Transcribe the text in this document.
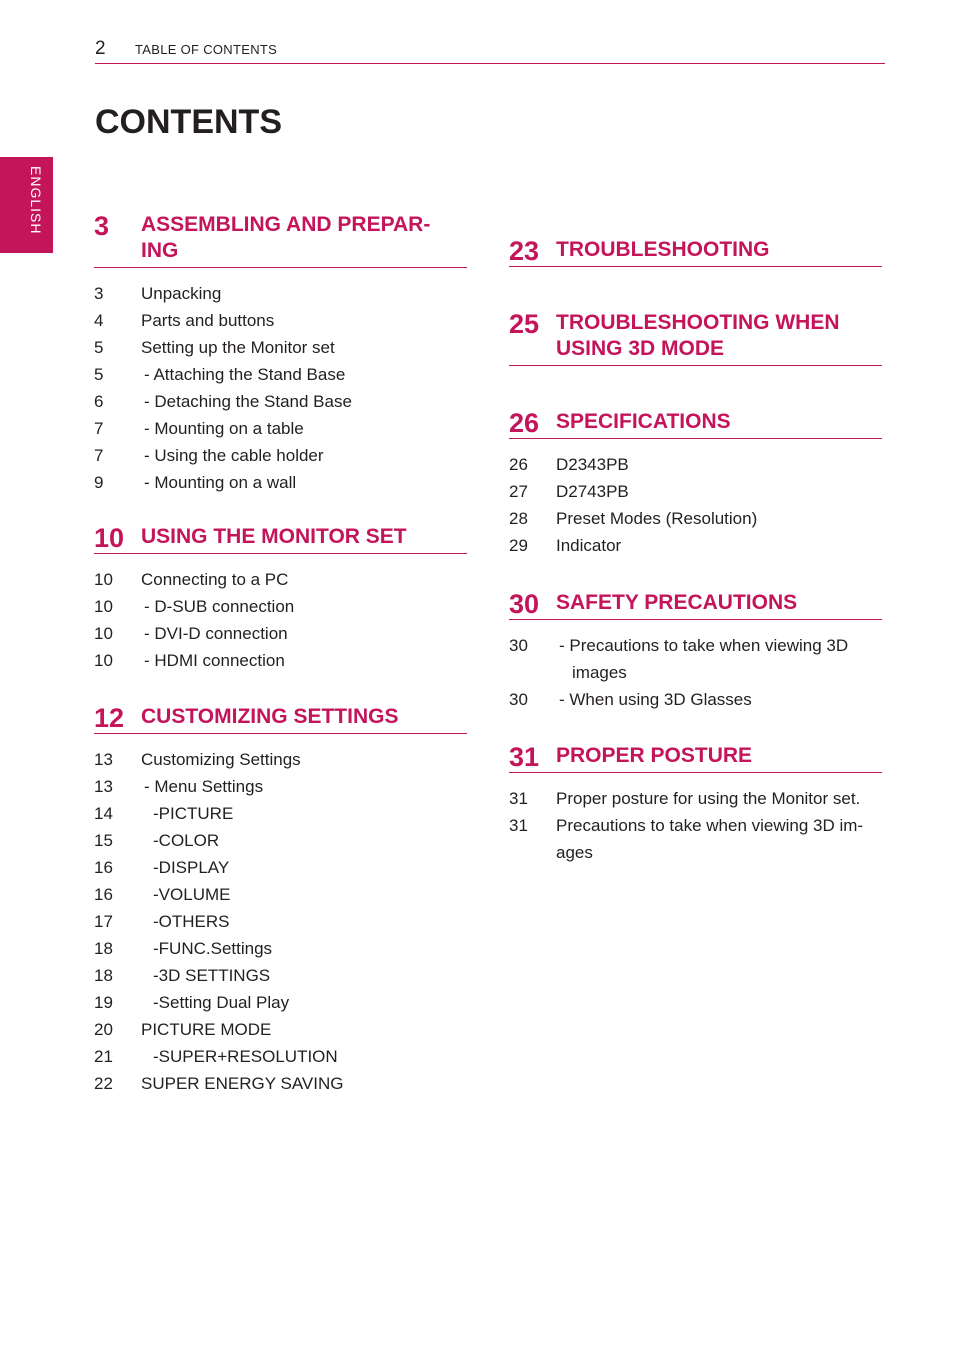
2 TABLE OF CONTENTS
ENGLISH
CONTENTS
3 ASSEMBLING AND PREPAR-
ING
3	Unpacking
4	Parts and buttons
5	Setting up the Monitor set
5	- Attaching the Stand Base
6	- Detaching the Stand Base
7	- Mounting on a table
7	- Using the cable holder
9	- Mounting on a wall
10 USING THE MONITOR SET
10	Connecting to a PC
10	- D-SUB connection
10	- DVI-D connection
10	- HDMI connection
12 CUSTOMIZING SETTINGS
13	Customizing Settings
13	- Menu Settings
14	- PICTURE
15	- COLOR
16	- DISPLAY
16	- VOLUME
17	- OTHERS
18	- FUNC.Settings
18	- 3D SETTINGS
19	- Setting Dual Play
20	PICTURE MODE
21	- SUPER+RESOLUTION
22	SUPER ENERGY SAVING
23 TROUBLESHOOTING
25 TROUBLESHOOTING WHEN
USING 3D MODE
26 SPECIFICATIONS
26	D2343PB
27	D2743PB
28	Preset Modes (Resolution)
29	Indicator
30 SAFETY PRECAUTIONS
30	- Precautions to take when viewing 3D
images
30	- When using 3D Glasses
31 PROPER POSTURE
31	Proper posture for using the Monitor set.
31	Precautions to take when viewing 3D im-
ages
